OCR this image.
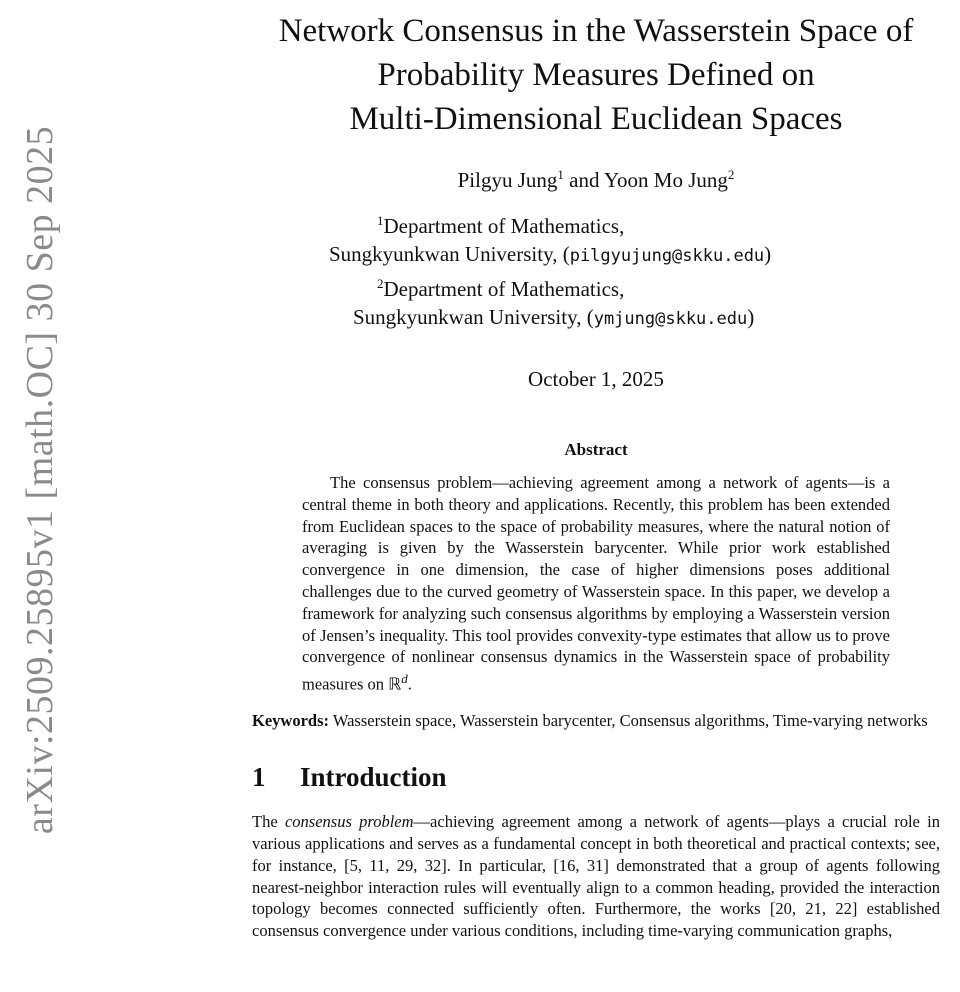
arXiv:2509.25895v1 [math.OC] 30 Sep 2025
Network Consensus in the Wasserstein Space of
Probability Measures Defined on
Multi-Dimensional Euclidean Spaces
Pilgyu Jung$^1$ and Yoon Mo Jung$^2$
$^1$Department of Mathematics,
Sungkyunkwan University, (pilgyujung@skku.edu)
$^2$Department of Mathematics,
Sungkyunkwan University, (ymjung@skku.edu)
October 1, 2025
Abstract
The consensus problem—achieving agreement among a network of agents—is a central theme in both theory and applications. Recently, this problem has been extended from Euclidean spaces to the space of probability measures, where the natural notion of averaging is given by the Wasserstein barycenter. While prior work established convergence in one dimension, the case of higher dimensions poses additional challenges due to the curved geometry of Wasserstein space. In this paper, we develop a framework for analyzing such consensus algorithms by employing a Wasserstein version of Jensen’s inequality. This tool provides convexity-type estimates that allow us to prove convergence of nonlinear consensus dynamics in the Wasserstein space of probability measures on ℝ$^d$.
Keywords: Wasserstein space, Wasserstein barycenter, Consensus algorithms, Time-varying networks
1 Introduction
The consensus problem—achieving agreement among a network of agents—plays a crucial role in various applications and serves as a fundamental concept in both theoretical and practical contexts; see, for instance, [5, 11, 29, 32]. In particular, [16, 31] demonstrated that a group of agents following nearest-neighbor interaction rules will eventually align to a common heading, provided the interaction topology becomes connected sufficiently often. Furthermore, the works [20, 21, 22] established consensus convergence under various conditions, including time-varying communication graphs,
